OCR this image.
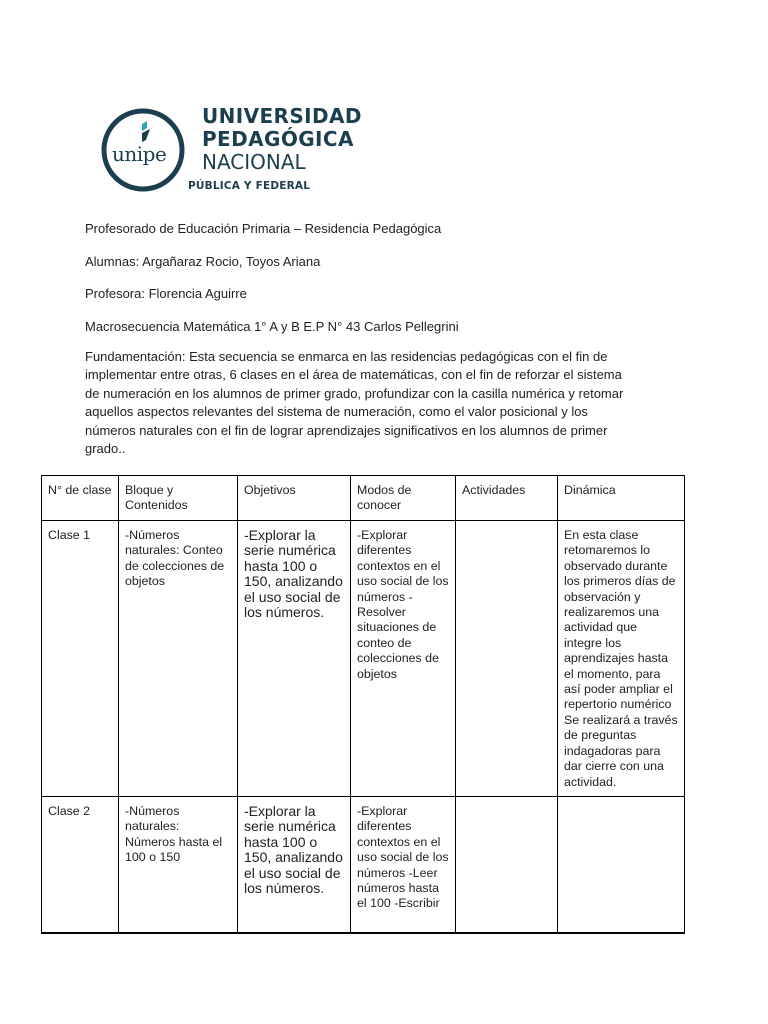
unipe
UNIVERSIDAD
PEDAGÓGICA
NACIONAL
PÚBLICA Y FEDERAL
Profesorado de Educación Primaria – Residencia Pedagógica
Alumnas: Argañaraz Rocio, Toyos Ariana
Profesora: Florencia Aguirre
Macrosecuencia Matemática 1° A y B E.P N° 43 Carlos Pellegrini
Fundamentación: Esta secuencia se enmarca en las residencias pedagógicas con el fin de implementar entre otras, 6 clases en el área de matemáticas, con el fin de reforzar el sistema de numeración en los alumnos de primer grado, profundizar con la casilla numérica y retomar aquellos aspectos relevantes del sistema de numeración, como el valor posicional y los números naturales con el fin de lograr aprendizajes significativos en los alumnos de primer grado..
N° de clase	Bloque y Contenidos	Objetivos	Modos de conocer	Actividades	Dinámica
Clase 1	-Números naturales: Conteo de colecciones de objetos	-Explorar la serie numérica hasta 100 o 150, analizando el uso social de los números.	-Explorar diferentes contextos en el uso social de los números -Resolver situaciones de conteo de colecciones de objetos		En esta clase retomaremos lo observado durante los primeros días de observación y realizaremos una actividad que integre los aprendizajes hasta el momento, para así poder ampliar el repertorio numérico Se realizará a través de preguntas indagadoras para dar cierre con una actividad.
Clase 2	-Números naturales: Números hasta el 100 o 150	-Explorar la serie numérica hasta 100 o 150, analizando el uso social de los números.	-Explorar diferentes contextos en el uso social de los números -Leer números hasta el 100 -Escribir		
